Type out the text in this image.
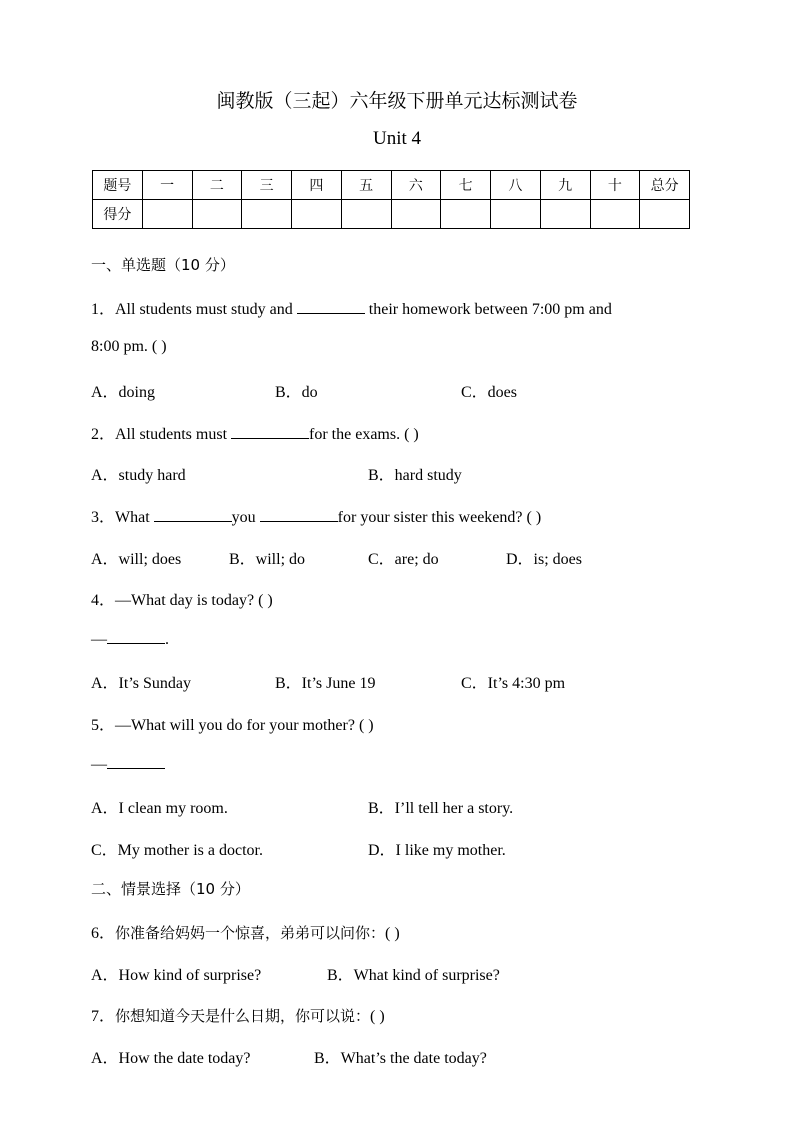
闽教版（三起）六年级下册单元达标测试卷
Unit 4
题号	一	二	三	四	五	六	七	八	九	十	总分
得分											
一、单选题（10 分）
1．All students must study and	their homework between 7:00 pm and
8:00 pm. ( )
A．doing	B．do	C．does
2．All students must	for the exams. ( )
A．study hard	B．hard study
3．What	you	for your sister this weekend? ( )
A．will; does	B．will; do	C．are; do	D．is; does
4．—What day is today? ( )
—	.
A．It’s Sunday	B．It’s June 19	C．It’s 4:30 pm
5．—What will you do for your mother? ( )
—
A．I clean my room.	B．I’ll tell her a story.
C．My mother is a doctor.	D．I like my mother.
二、情景选择（10 分）
6．你准备给妈妈一个惊喜，弟弟可以问你：( )
A．How kind of surprise?	B．What kind of surprise?
7．你想知道今天是什么日期，你可以说：( )
A．How the date today?	B．What’s the date today?
